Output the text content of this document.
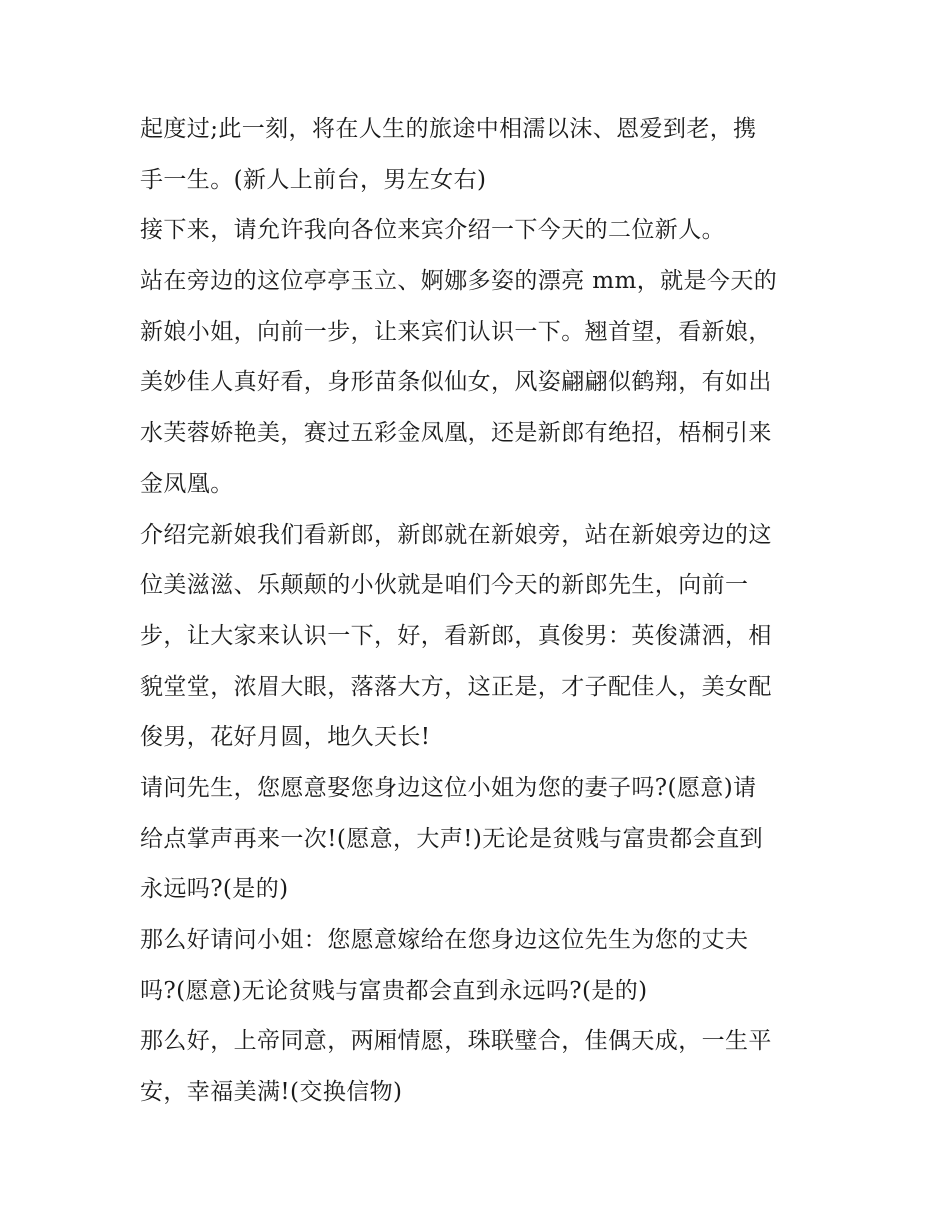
起度过;此一刻，将在人生的旅途中相濡以沫、恩爱到老，携
手一生。(新人上前台，男左女右)
接下来，请允许我向各位来宾介绍一下今天的二位新人。
站在旁边的这位亭亭玉立、婀娜多姿的漂亮 mm，就是今天的
新娘小姐，向前一步，让来宾们认识一下。翘首望，看新娘，
美妙佳人真好看，身形苗条似仙女，风姿翩翩似鹤翔，有如出
水芙蓉娇艳美，赛过五彩金凤凰，还是新郎有绝招，梧桐引来
金凤凰。
介绍完新娘我们看新郎，新郎就在新娘旁，站在新娘旁边的这
位美滋滋、乐颠颠的小伙就是咱们今天的新郎先生，向前一
步，让大家来认识一下，好，看新郎，真俊男：英俊潇洒，相
貌堂堂，浓眉大眼，落落大方，这正是，才子配佳人，美女配
俊男，花好月圆，地久天长!
请问先生，您愿意娶您身边这位小姐为您的妻子吗?(愿意)请
给点掌声再来一次!(愿意，大声!)无论是贫贱与富贵都会直到
永远吗?(是的)
那么好请问小姐：您愿意嫁给在您身边这位先生为您的丈夫
吗?(愿意)无论贫贱与富贵都会直到永远吗?(是的)
那么好，上帝同意，两厢情愿，珠联璧合，佳偶天成，一生平
安，幸福美满!(交换信物)
